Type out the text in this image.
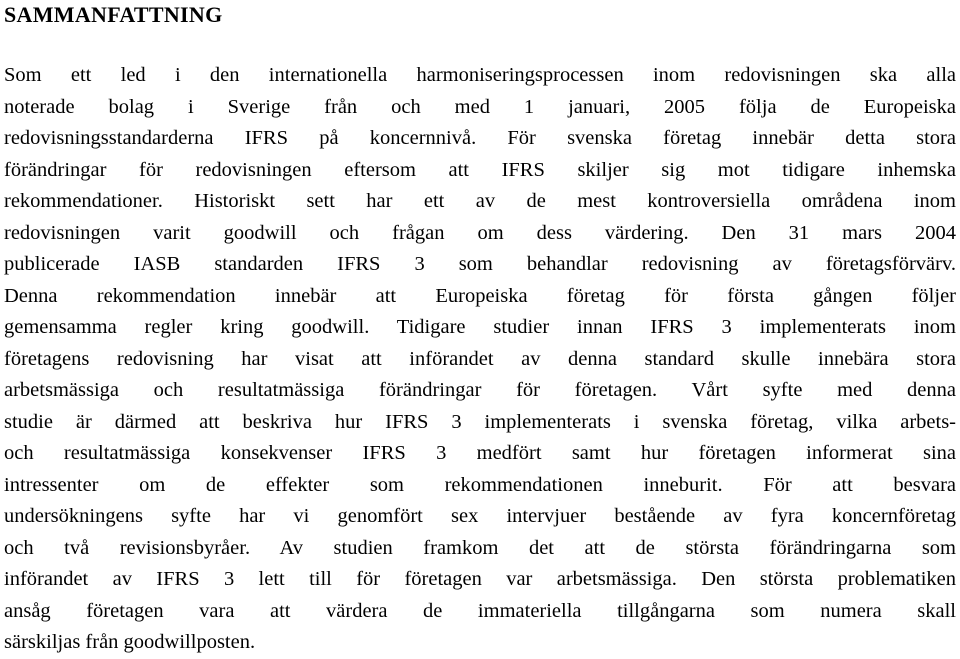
SAMMANFATTNING
Som ett led i den internationella harmoniseringsprocessen inom redovisningen ska alla
noterade bolag i Sverige från och med 1 januari, 2005 följa de Europeiska
redovisningsstandarderna IFRS på koncernnivå. För svenska företag innebär detta stora
förändringar för redovisningen eftersom att IFRS skiljer sig mot tidigare inhemska
rekommendationer. Historiskt sett har ett av de mest kontroversiella områdena inom
redovisningen varit goodwill och frågan om dess värdering. Den 31 mars 2004
publicerade IASB standarden IFRS 3 som behandlar redovisning av företagsförvärv.
Denna rekommendation innebär att Europeiska företag för första gången följer
gemensamma regler kring goodwill. Tidigare studier innan IFRS 3 implementerats inom
företagens redovisning har visat att införandet av denna standard skulle innebära stora
arbetsmässiga och resultatmässiga förändringar för företagen. Vårt syfte med denna
studie är därmed att beskriva hur IFRS 3 implementerats i svenska företag, vilka arbets-
och resultatmässiga konsekvenser IFRS 3 medfört samt hur företagen informerat sina
intressenter om de effekter som rekommendationen inneburit. För att besvara
undersökningens syfte har vi genomfört sex intervjuer bestående av fyra koncernföretag
och två revisionsbyråer. Av studien framkom det att de största förändringarna som
införandet av IFRS 3 lett till för företagen var arbetsmässiga. Den största problematiken
ansåg företagen vara att värdera de immateriella tillgångarna som numera skall
särskiljas från goodwillposten.
